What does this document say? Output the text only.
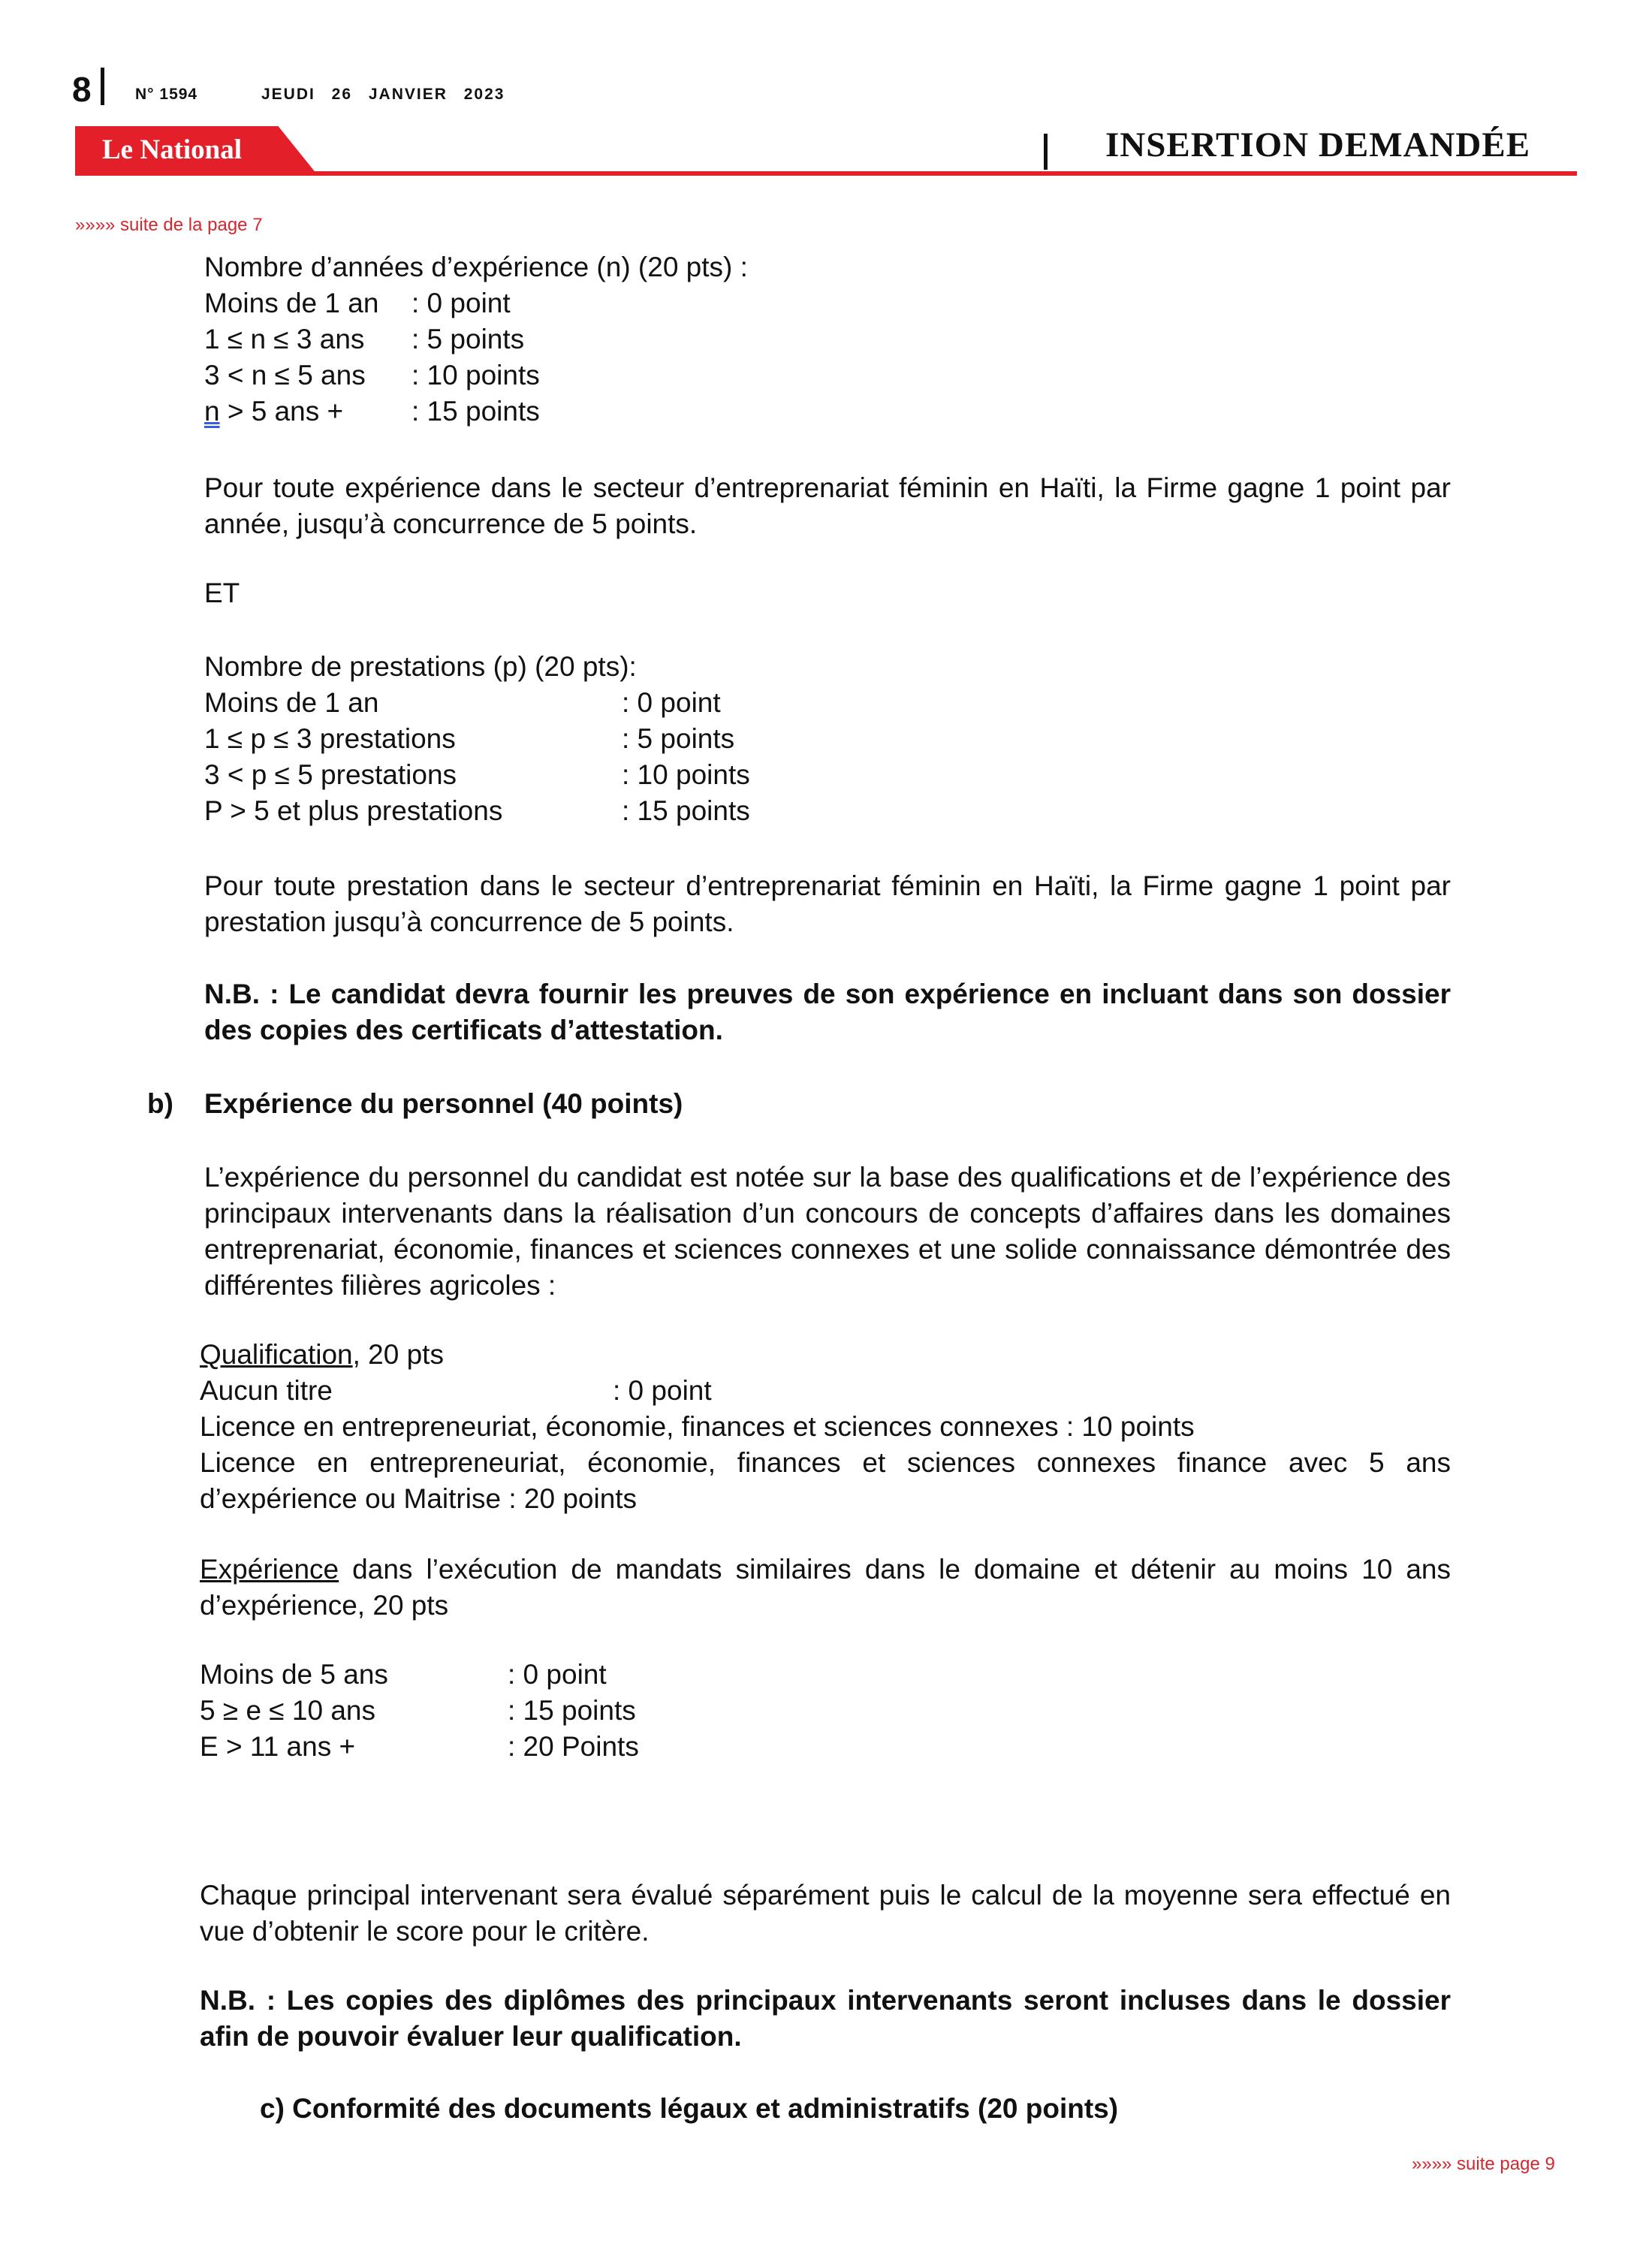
8	N° 1594	JEUDI 26 JANVIER 2023
Le National	INSERTION DEMANDÉE
»»»» suite de la page 7
Nombre d’années d’expérience (n) (20 pts) :
Moins de 1 an : 0 point
1 ≤ n ≤ 3 ans : 5 points
3 < n ≤ 5 ans : 10 points
n > 5 ans + : 15 points
Pour toute expérience dans le secteur d’entreprenariat féminin en Haïti, la Firme gagne 1 point par année, jusqu’à concurrence de 5 points.
ET
Nombre de prestations (p) (20 pts):
Moins de 1 an	: 0 point
1 ≤ p ≤ 3 prestations	: 5 points
3 < p ≤ 5 prestations	: 10 points
P > 5 et plus prestations	: 15 points
Pour toute prestation dans le secteur d’entreprenariat féminin en Haïti, la Firme gagne 1 point par prestation jusqu’à concurrence de 5 points.
N.B. : Le candidat devra fournir les preuves de son expérience en incluant dans son dossier des copies des certificats d’attestation.
b) Expérience du personnel (40 points)
L’expérience du personnel du candidat est notée sur la base des qualifications et de l’expérience des principaux intervenants dans la réalisation d’un concours de concepts d’affaires dans les domaines entreprenariat, économie, finances et sciences connexes et une solide connaissance démontrée des différentes filières agricoles :
Qualification, 20 pts
Aucun titre	: 0 point
Licence en entrepreneuriat, économie, finances et sciences connexes : 10 points
Licence en entrepreneuriat, économie, finances et sciences connexes finance avec 5 ans d’expérience ou Maitrise : 20 points
Expérience dans l’exécution de mandats similaires dans le domaine et détenir au moins 10 ans d’expérience, 20 pts
Moins de 5 ans	: 0 point
5 ≥ e ≤ 10 ans	: 15 points
E > 11 ans +	: 20 Points
Chaque principal intervenant sera évalué séparément puis le calcul de la moyenne sera effectué en vue d’obtenir le score pour le critère.
N.B. : Les copies des diplômes des principaux intervenants seront incluses dans le dossier afin de pouvoir évaluer leur qualification.
c) Conformité des documents légaux et administratifs (20 points)
»»»» suite page 9
